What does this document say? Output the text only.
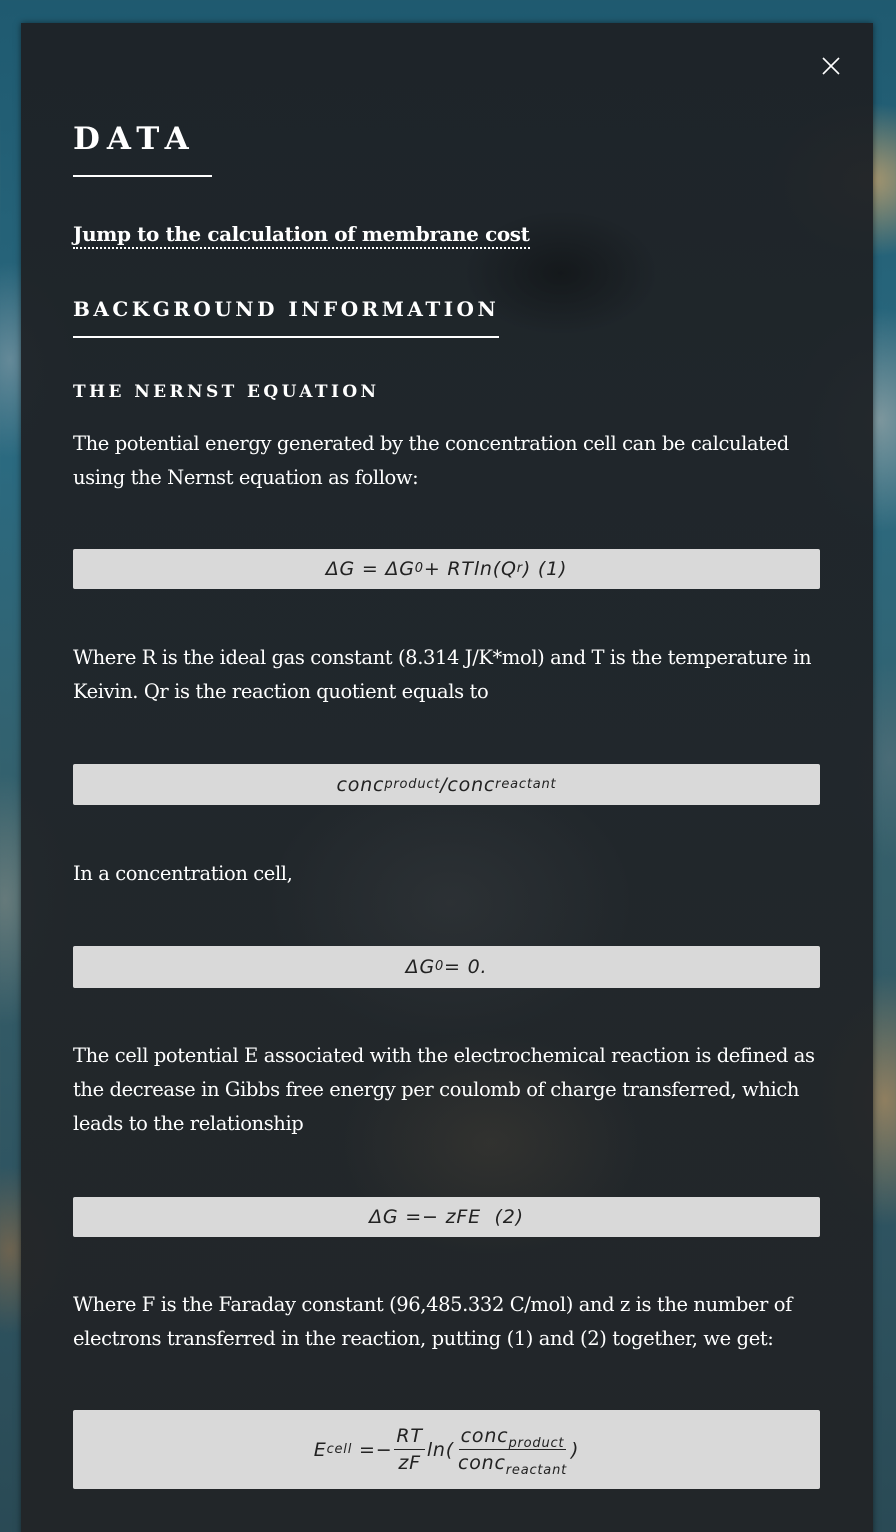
DATA
Jump to the calculation of membrane cost
BACKGROUND INFORMATION
THE NERNST EQUATION

The potential energy generated by the concentration cell can be calculated using the Nernst equation as follow:

ΔG = ΔG 0 + RTln(Q r ) (1)

Where R is the ideal gas constant (8.314 J/K*mol) and T is the temperature in Keivin. Qr is the reaction quotient equals to

conc product /conc reactant

In a concentration cell,

ΔG 0 = 0.

The cell potential E associated with the electrochemical reaction is defined as the decrease in Gibbs free energy per coulomb of charge transferred, which leads to the relationship

ΔG =− zFE  (2)

Where F is the Faraday constant (96,485.332 C/mol) and z is the number of electrons transferred in the reaction, putting (1) and (2) together, we get:

E cell =− $\frac{RT}{zF} \ln( \frac{conc_{product}}{conc_{reactant}}$ )
